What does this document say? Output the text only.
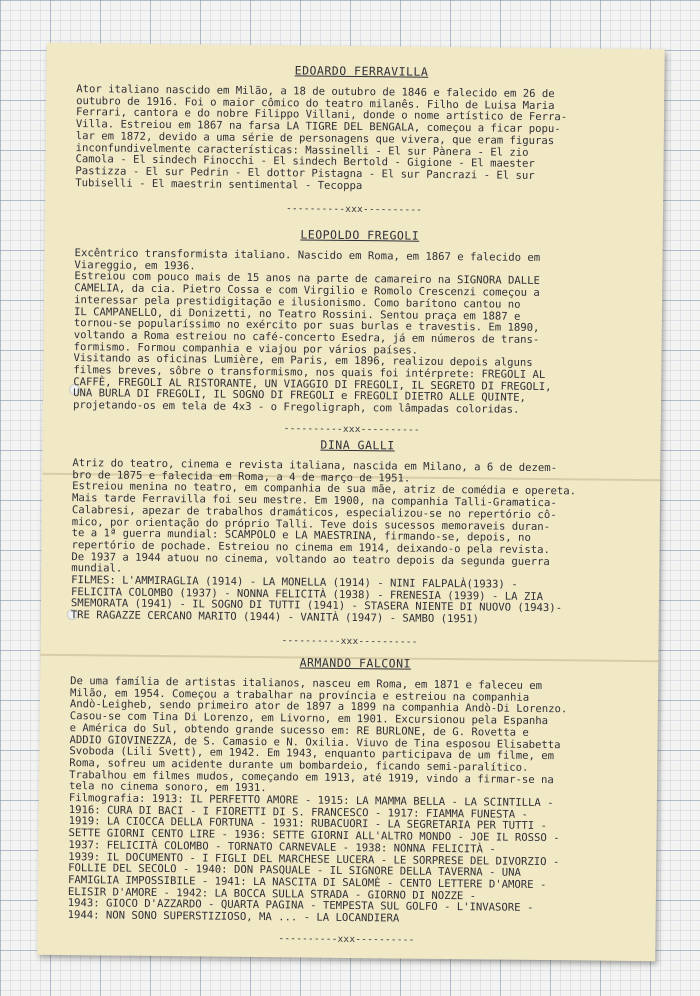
EDOARDO FERRAVILLA
Ator italiano nascido em Milão, a 18 de outubro de 1846 e falecido em 26 de
outubro de 1916. Foi o maior cômico do teatro milanês. Filho de Luisa Maria
Ferrari, cantora e do nobre Filippo Villani, donde o nome artístico de Ferra-
Villa. Estreiou em 1867 na farsa LA TIGRE DEL BENGALA, começou a ficar popu-
lar em 1872, devido a uma série de personagens que vivera, que eram figuras
inconfundivelmente características: Massinelli - El sur Pànera - El zio
Camola - El sindech Finocchi - El sindech Bertold - Gigione - El maester
Pastizza - El sur Pedrin - El dottor Pistagna - El sur Pancrazi - El sur
Tubiselli - El maestrin sentimental - Tecoppa
----------xxx----------
LEOPOLDO FREGOLI
Excêntrico transformista italiano. Nascido em Roma, em 1867 e falecido em
Viareggio, em 1936.
Estreiou com pouco mais de 15 anos na parte de camareiro na SIGNORA DALLE
CAMELIA, da cia. Pietro Cossa e com Virgilio e Romolo Crescenzi começou a
interessar pela prestidigitação e ilusionismo. Como barítono cantou no
IL CAMPANELLO, di Donizetti, no Teatro Rossini. Sentou praça em 1887 e
tornou-se popularíssimo no exército por suas burlas e travestis. Em 1890,
voltando a Roma estreiou no café-concerto Esedra, já em números de trans-
formismo. Formou companhia e viajou por vários países.
Visitando as oficinas Lumière, em Paris, em 1896, realizou depois alguns
filmes breves, sôbre o transformismo, nos quais foi intérprete: FREGOLI AL
CAFFÈ, FREGOLI AL RISTORANTE, UN VIAGGIO DI FREGOLI, IL SEGRETO DI FREGOLI,
UNA BURLA DI FREGOLI, IL SOGNO DI FREGOLI e FREGOLI DIETRO ALLE QUINTE,
projetando-os em tela de 4x3 - o Fregoligraph, com lâmpadas coloridas.
----------xxx----------
DINA GALLI
Atriz do teatro, cinema e revista italiana, nascida em Milano, a 6 de dezem-
bro de 1875 e falecida em Roma, a 4 de março de 1951.
Estreiou menina no teatro, em companhia de sua mãe, atriz de comédia e opereta.
Mais tarde Ferravilla foi seu mestre. Em 1900, na companhia Talli-Gramatica-
Calabresi, apezar de trabalhos dramáticos, especializou-se no repertório cô-
mico, por orientação do próprio Talli. Teve dois sucessos memoraveis duran-
te a 1ª guerra mundial: SCAMPOLO e LA MAESTRINA, firmando-se, depois, no
repertório de pochade. Estreiou no cinema em 1914, deixando-o pela revista.
De 1937 a 1944 atuou no cinema, voltando ao teatro depois da segunda guerra
mundial.
FILMES: L'AMMIRAGLIA (1914) - LA MONELLA (1914) - NINI FALPALÀ(1933) -
FELICITA COLOMBO (1937) - NONNA FELICITÀ (1938) - FRENESIA (1939) - LA ZIA
SMEMORATA (1941) - IL SOGNO DI TUTTI (1941) - STASERA NIENTE DI NUOVO (1943)-
TRE RAGAZZE CERCANO MARITO (1944) - VANITÀ (1947) - SAMBO (1951)
----------xxx----------
ARMANDO FALCONI
De uma família de artistas italianos, nasceu em Roma, em 1871 e faleceu em
Milão, em 1954. Começou a trabalhar na província e estreiou na companhia
Andò-Leigheb, sendo primeiro ator de 1897 a 1899 na companhia Andò-Di Lorenzo.
Casou-se com Tina Di Lorenzo, em Livorno, em 1901. Excursionou pela Espanha
e América do Sul, obtendo grande sucesso em: RE BURLONE, de G. Rovetta e
ADDIO GIOVINEZZA, de S. Camasio e N. Oxilia. Viuvo de Tina esposou Elisabetta
Svoboda (Lili Svett), em 1942. Em 1943, enquanto participava de um filme, em
Roma, sofreu um acidente durante um bombardeio, ficando semi-paralítico.
Trabalhou em filmes mudos, começando em 1913, até 1919, vindo a firmar-se na
tela no cinema sonoro, em 1931.
Filmografia: 1913: IL PERFETTO AMORE - 1915: LA MAMMA BELLA - LA SCINTILLA -
1916: CURA DI BACI - I FIORETTI DI S. FRANCESCO - 1917: FIAMMA FUNESTA -
1919: LA CIOCCA DELLA FORTUNA - 1931: RUBACUORI - LA SEGRETARIA PER TUTTI -
SETTE GIORNI CENTO LIRE - 1936: SETTE GIORNI ALL'ALTRO MONDO - JOE IL ROSSO -
1937: FELICITÀ COLOMBO - TORNATO CARNEVALE - 1938: NONNA FELICITÀ -
1939: IL DOCUMENTO - I FIGLI DEL MARCHESE LUCERA - LE SORPRESE DEL DIVORZIO -
FOLLIE DEL SECOLO - 1940: DON PASQUALE - IL SIGNORE DELLA TAVERNA - UNA
FAMIGLIA IMPOSSIBILE - 1941: LA NASCITA DI SALOMÈ - CENTO LETTERE D'AMORE -
ELISIR D'AMORE - 1942: LA BOCCA SULLA STRADA - GIORNO DI NOZZE -
1943: GIOCO D'AZZARDO - QUARTA PAGINA - TEMPESTA SUL GOLFO - L'INVASORE -
1944: NON SONO SUPERSTIZIOSO, MA ... - LA LOCANDIERA
----------xxx----------
